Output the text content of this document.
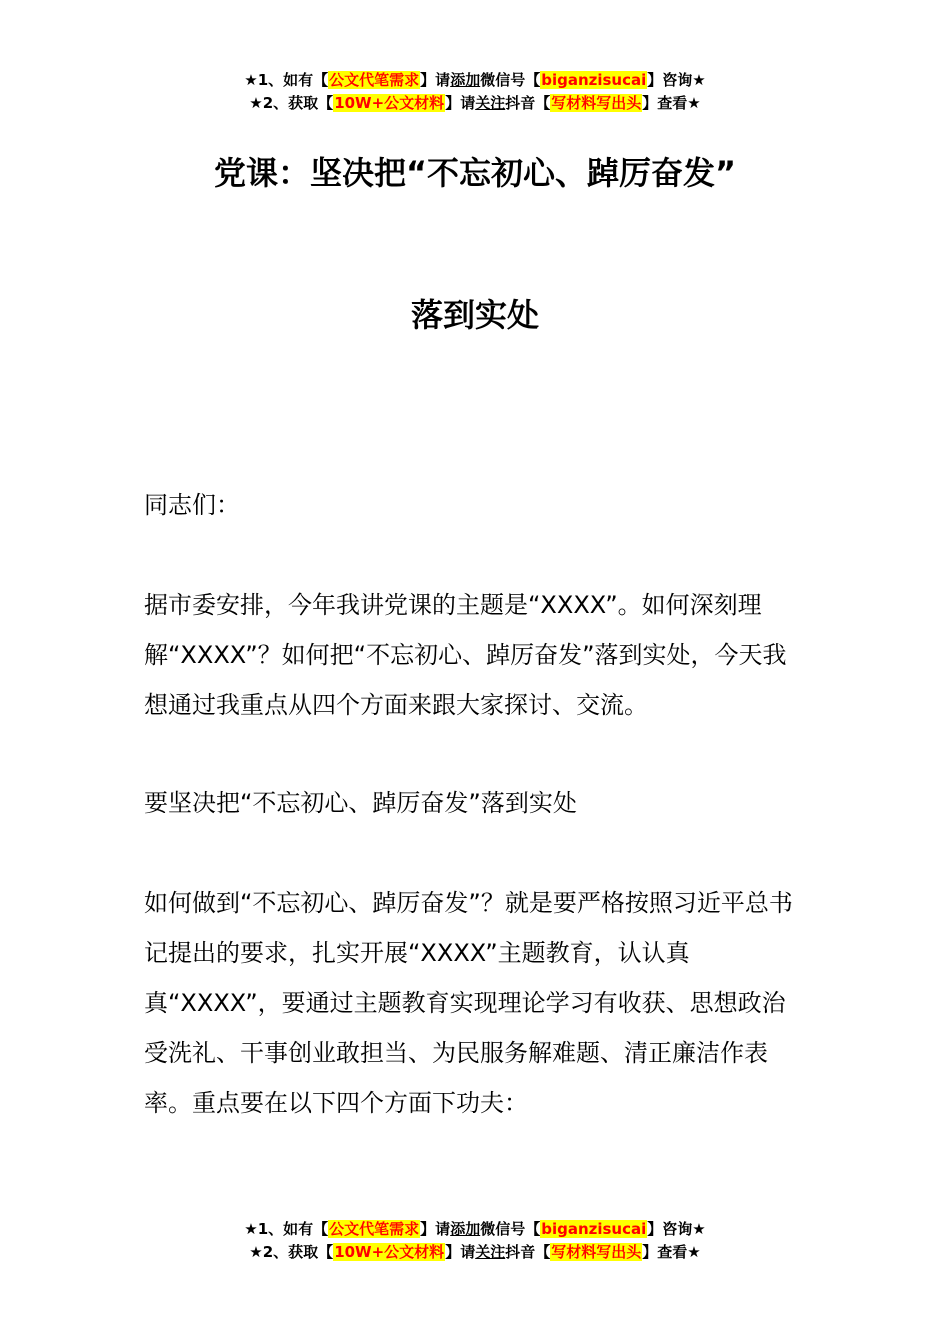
★1、如有【公文代笔需求】请添加微信号【biganzisucai】咨询★
★2、获取【10W+公文材料】请关注抖音【写材料写出头】查看★
党课：坚决把“不忘初心、踔厉奋发”
落到实处

同志们：

据市委安排，今年我讲党课的主题是“XXXX”。如何深刻理解“XXXX”？如何把“不忘初心、踔厉奋发”落到实处，今天我想通过我重点从四个方面来跟大家探讨、交流。

要坚决把“不忘初心、踔厉奋发”落到实处

如何做到“不忘初心、踔厉奋发”？就是要严格按照习近平总书记提出的要求，扎实开展“XXXX”主题教育，认认真真“XXXX”，要通过主题教育实现理论学习有收获、思想政治受洗礼、干事创业敢担当、为民服务解难题、清正廉洁作表率。重点要在以下四个方面下功夫：

★1、如有【公文代笔需求】请添加微信号【biganzisucai】咨询★
★2、获取【10W+公文材料】请关注抖音【写材料写出头】查看★
